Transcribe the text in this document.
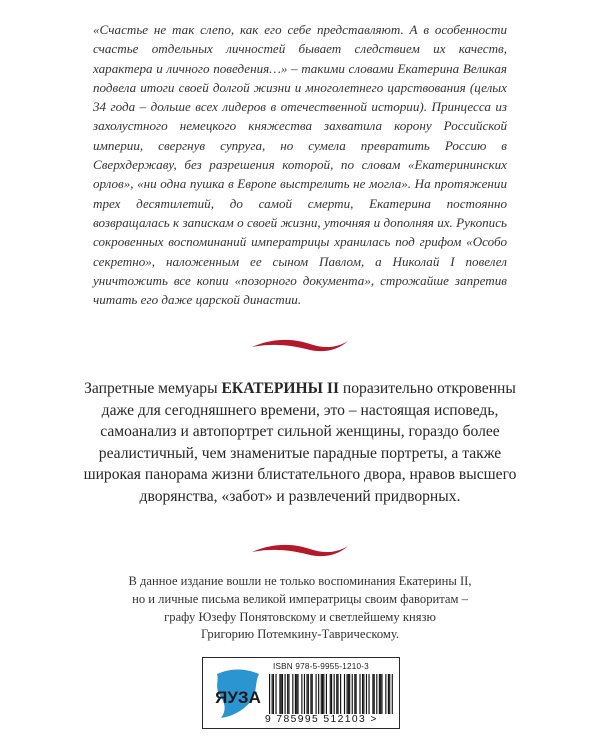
«Счастье не так слепо, как его себе представляют. А в особенности счастье отдельных личностей бывает следствием их качеств, характера и личного поведения…» – такими словами Екатерина Великая подвела итоги своей долгой жизни и многолетнего царствования (целых 34 года – дольше всех лидеров в отечественной истории). Принцесса из захолустного немецкого княжества захватила корону Российской империи, свергнув супруга, но сумела превратить Россию в Сверхдержаву, без разрешения которой, по словам «Екатерининских орлов», «ни одна пушка в Европе выстрелить не могла». На протяжении трех десятилетий, до самой смерти, Екатерина постоянно возвращалась к запискам о своей жизни, уточняя и дополняя их. Рукопись сокровенных воспоминаний императрицы хранилась под грифом «Особо секретно», наложенным ее сыном Павлом, а Николай I повелел уничтожить все копии «позорного документа», строжайше запретив читать его даже царской династии.

Запретные мемуары ЕКАТЕРИНЫ II поразительно откровенны даже для сегодняшнего времени, это – настоящая исповедь, самоанализ и автопортрет сильной женщины, гораздо более реалистичный, чем знаменитые парадные портреты, а также широкая панорама жизни блистательного двора, нравов высшего дворянства, «забот» и развлечений придворных.
В данное издание вошли не только воспоминания Екатерины II,
но и личные письма великой императрицы своим фаворитам –
графу Юзефу Понятовскому и светлейшему князю
Григорию Потемкину-Таврическому.
ЯУЗА
ISBN 978-5-9955-1210-3
9 785995 512103 >
